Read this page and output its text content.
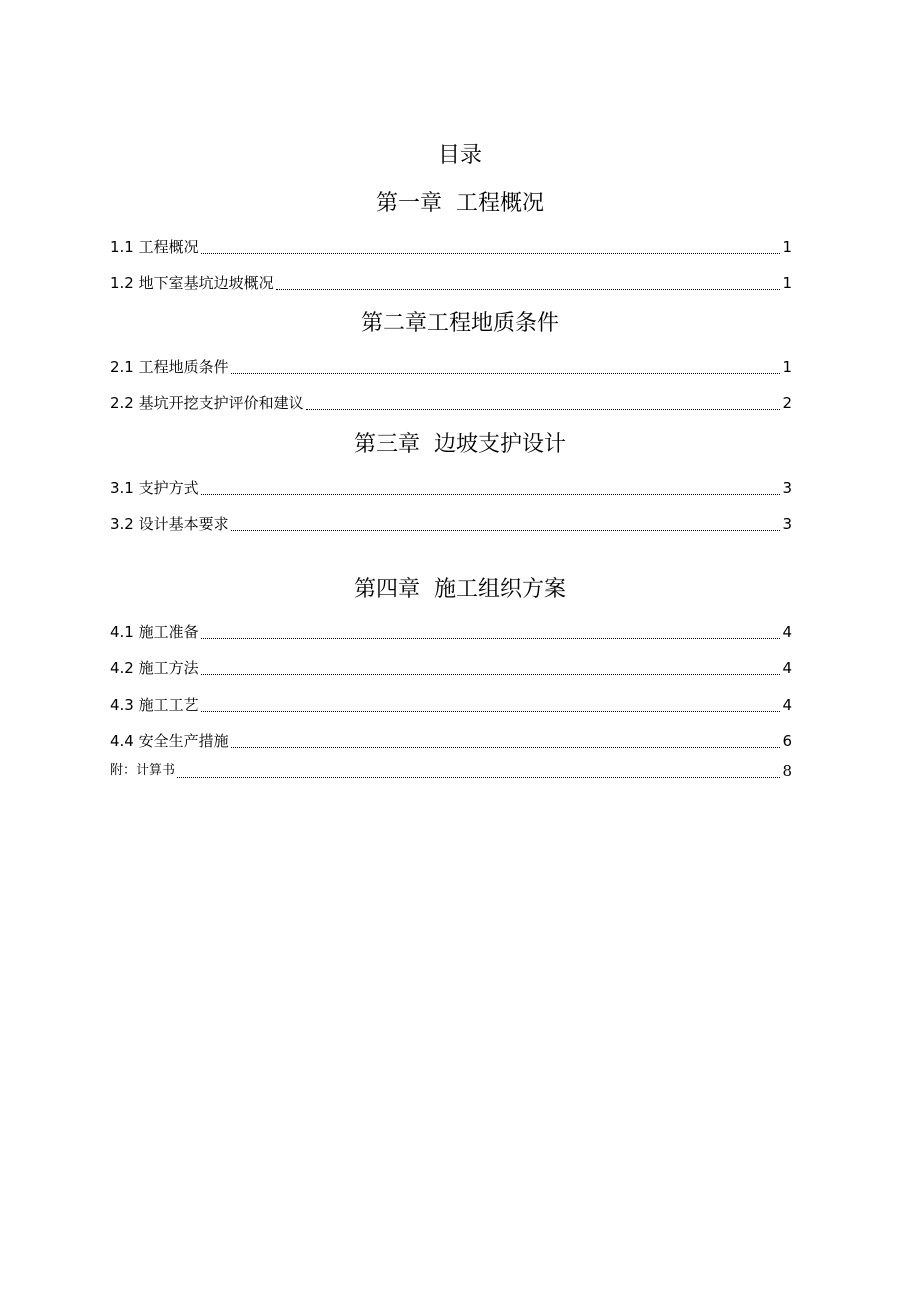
目录
第一章  工程概况
1.1 工程概况	1
1.2 地下室基坑边坡概况	1
第二章工程地质条件
2.1 工程地质条件	1
2.2 基坑开挖支护评价和建议	2
第三章  边坡支护设计
3.1 支护方式	3
3.2 设计基本要求	3
第四章  施工组织方案
4.1 施工准备	4
4.2 施工方法	4
4.3 施工工艺	4
4.4 安全生产措施	6
附：计算书	8
